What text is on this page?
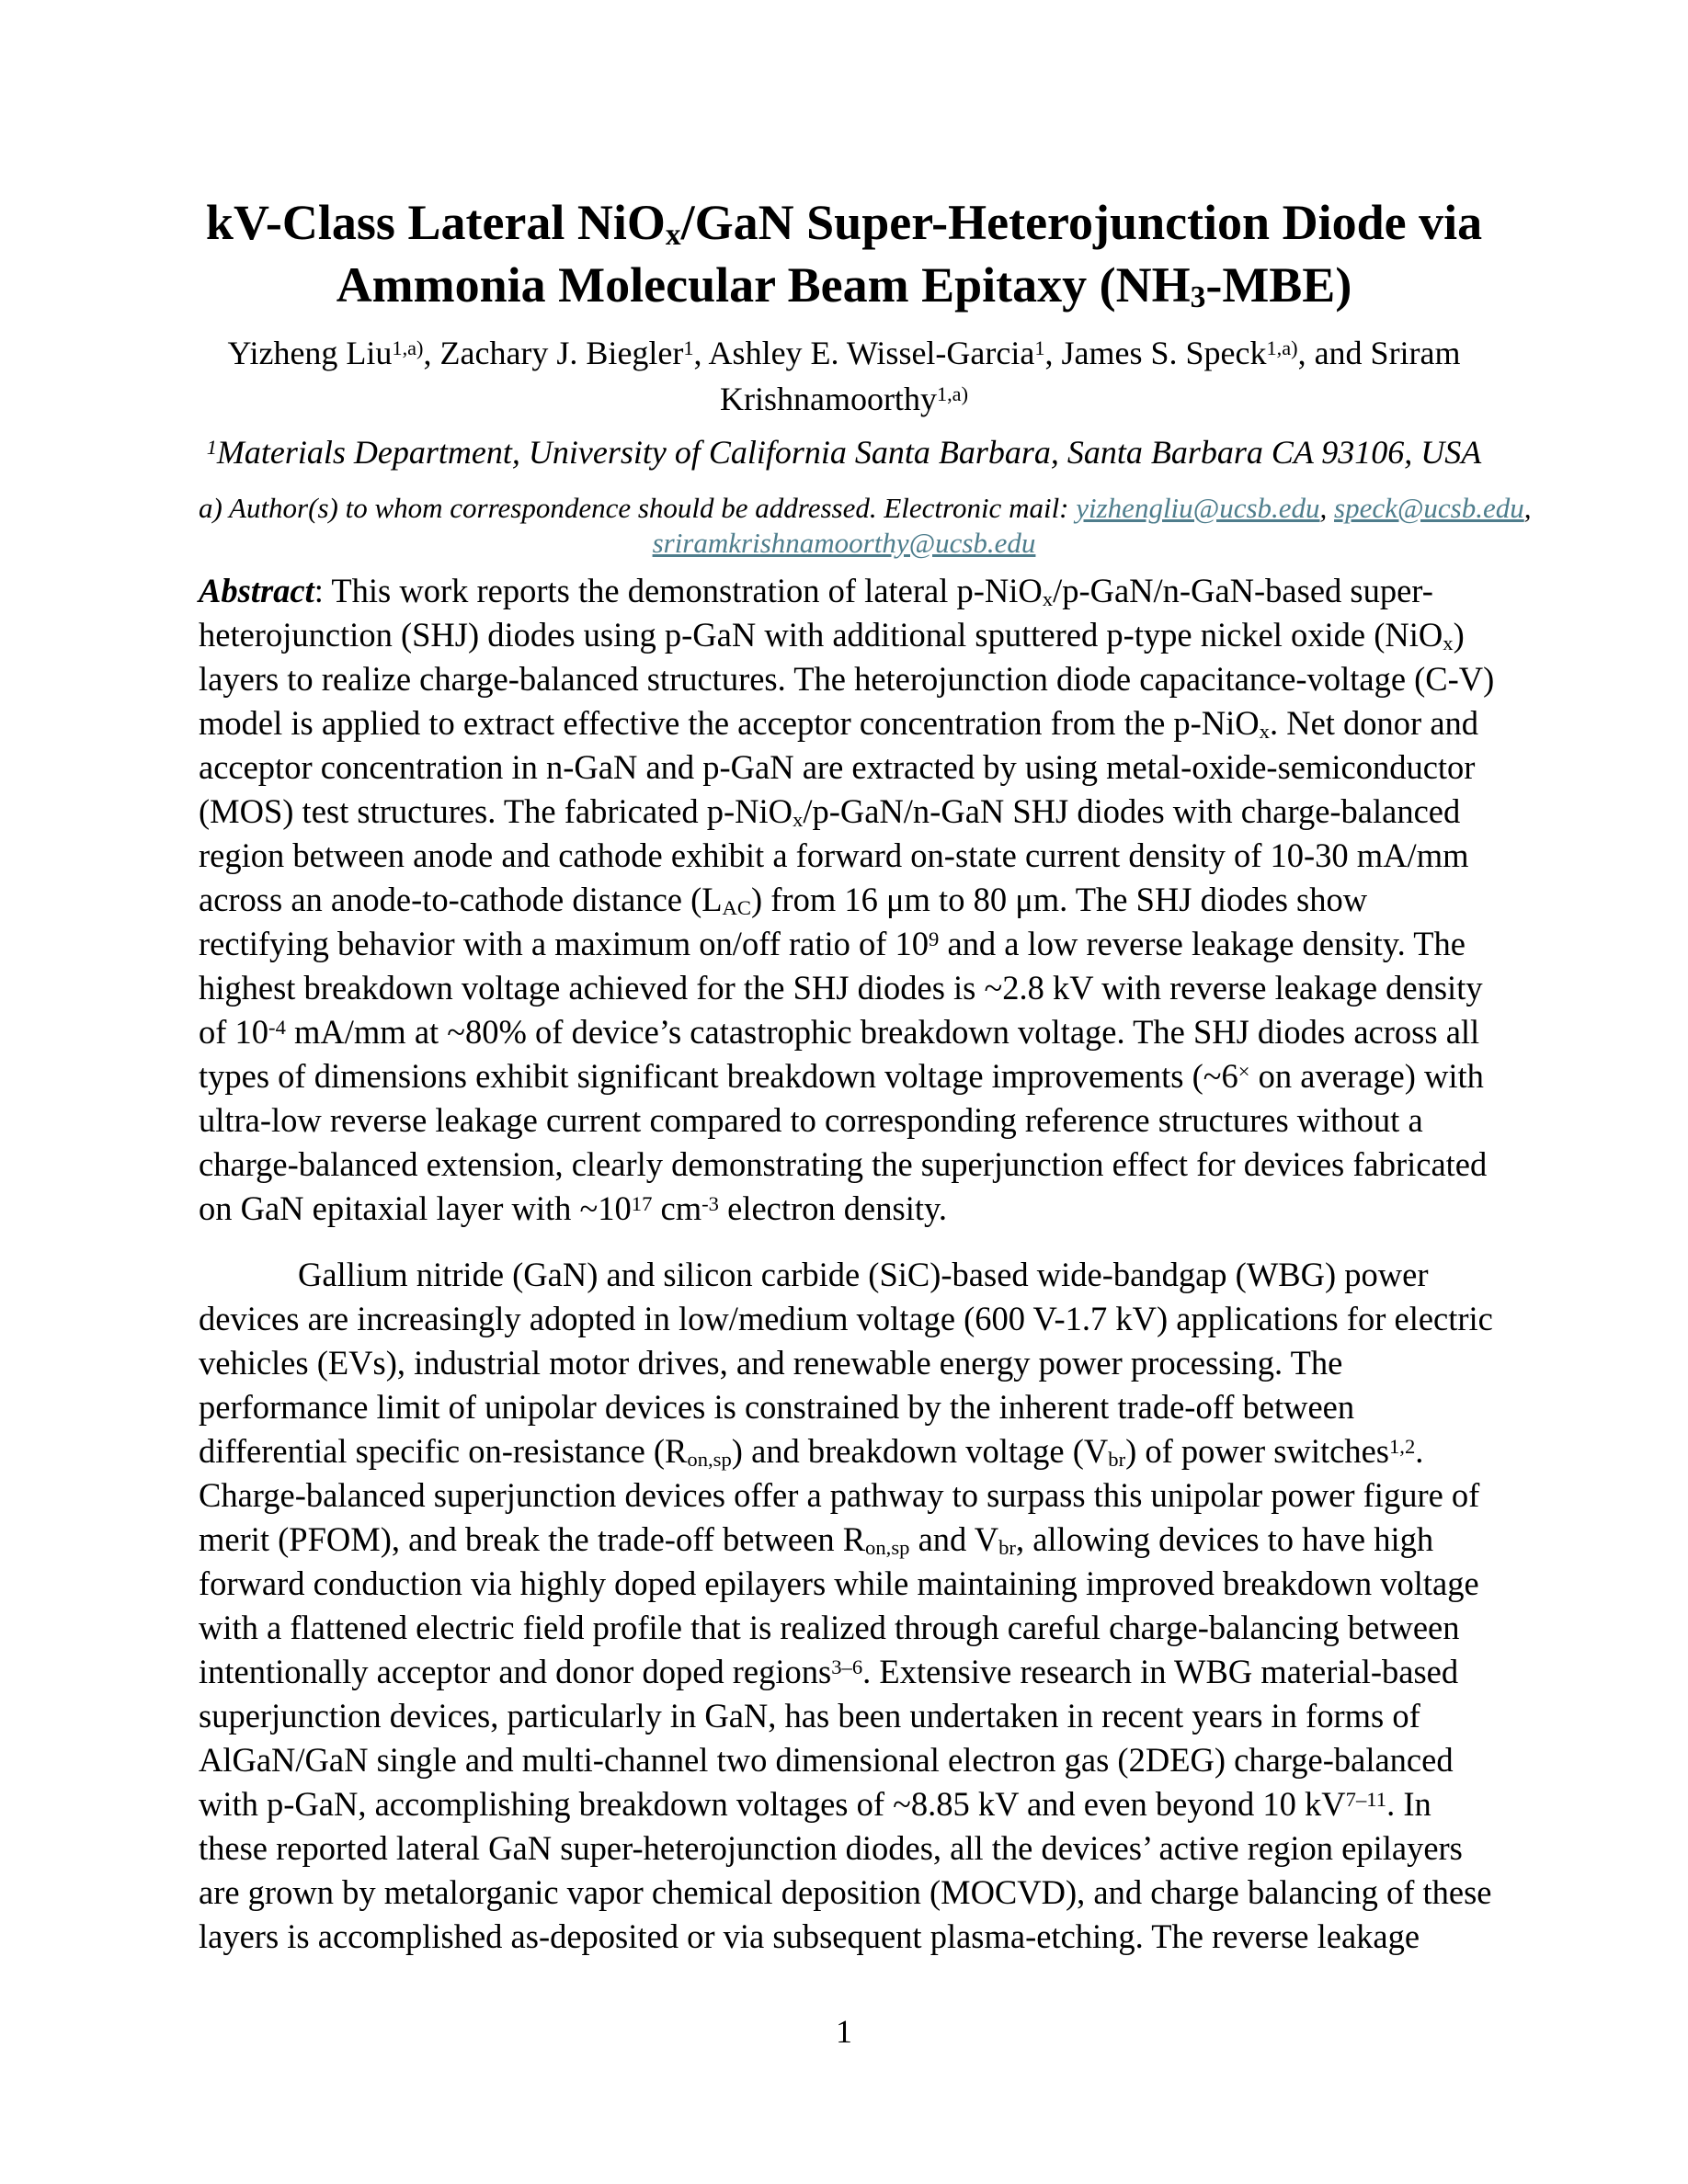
kV-Class Lateral NiO$_x$/GaN Super-Heterojunction Diode via
Ammonia Molecular Beam Epitaxy $(NH_3-MBE)$
Yizheng Liu$^{1,a)}$, Zachary J. Biegler$^1$, Ashley E. Wissel-Garcia$^1$, James S. Speck$^{1,a)}$, and Sriram
Krishnamoorthy$^{1,a)}$
$^1$Materials Department, University of California Santa Barbara, Santa Barbara CA 93106, USA
a) Author(s) to whom correspondence should be addressed. Electronic mail: yizhengliu@ucsb.edu, speck@ucsb.edu,
sriramkrishnamoorthy@ucsb.edu
Abstract: This work reports the demonstration of lateral p-NiO$_x$/p-GaN/n-GaN-based super-
heterojunction (SHJ) diodes using p-GaN with additional sputtered p-type nickel oxide (NiO$_x$)
layers to realize charge-balanced structures. The heterojunction diode capacitance-voltage (C-V)
model is applied to extract effective the acceptor concentration from the p-NiO$_x$. Net donor and
acceptor concentration in n-GaN and p-GaN are extracted by using metal-oxide-semiconductor
(MOS) test structures. The fabricated p-NiO$_x$/p-GaN/n-GaN SHJ diodes with charge-balanced
region between anode and cathode exhibit a forward on-state current density of 10-30 mA/mm
across an anode-to-cathode distance $(L_{AC})$ from 16 μm to 80 μm. The SHJ diodes show
rectifying behavior with a maximum on/off ratio of $10^9$ and a low reverse leakage density. The
highest breakdown voltage achieved for the SHJ diodes is ~2.8 kV with reverse leakage density
of $10^{-4}$ mA/mm at ~80% of device’s catastrophic breakdown voltage. The SHJ diodes across all
types of dimensions exhibit significant breakdown voltage improvements (~6× on average) with
ultra-low reverse leakage current compared to corresponding reference structures without a
charge-balanced extension, clearly demonstrating the superjunction effect for devices fabricated
on GaN epitaxial layer with $\sim 10^{17}$ $cm^{-3}$ electron density.
Gallium nitride (GaN) and silicon carbide (SiC)-based wide-bandgap (WBG) power
devices are increasingly adopted in low/medium voltage (600 V-1.7 kV) applications for electric
vehicles (EVs), industrial motor drives, and renewable energy power processing. The
performance limit of unipolar devices is constrained by the inherent trade-off between
differential specific on-resistance $(R_{on,sp})$ and breakdown voltage $(V_{br})$ of power switches$^{1,2}$.
Charge-balanced superjunction devices offer a pathway to surpass this unipolar power figure of
merit (PFOM), and break the trade-off between $R_{on,sp}$ and $V_{br}$, allowing devices to have high
forward conduction via highly doped epilayers while maintaining improved breakdown voltage
with a flattened electric field profile that is realized through careful charge-balancing between
intentionally acceptor and donor doped regions$^{3-6}$. Extensive research in WBG material-based
superjunction devices, particularly in GaN, has been undertaken in recent years in forms of
AlGaN/GaN single and multi-channel two dimensional electron gas (2DEG) charge-balanced
with p-GaN, accomplishing breakdown voltages of ~8.85 kV and even beyond 10 $kV^{7-11}$. In
these reported lateral GaN super-heterojunction diodes, all the devices’ active region epilayers
are grown by metalorganic vapor chemical deposition (MOCVD), and charge balancing of these
layers is accomplished as-deposited or via subsequent plasma-etching. The reverse leakage
1
